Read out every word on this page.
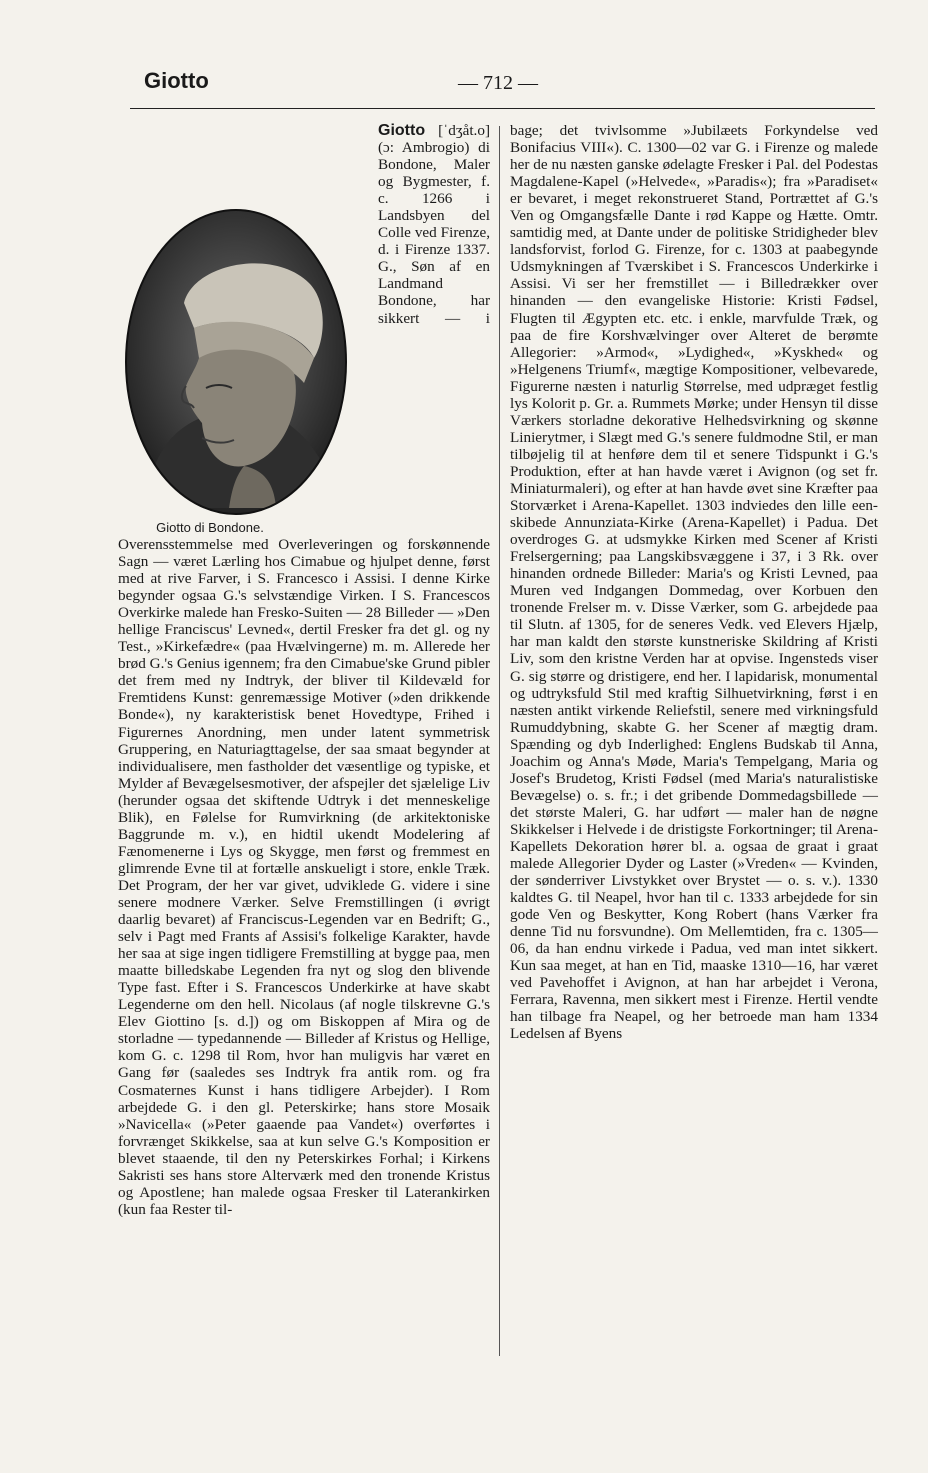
Giotto	— 712 —

Giotto
Giotto di Bondone.
[ˈdʒåt.o] (ɔ: Ambrogio) di Bondone, Maler og Bygmester, f. c. 1266 i Landsbyen del Colle ved Firenze, d. i Firenze 1337. G., Søn af en Landmand Bondone, har sikkert — i Overensstemmelse med Overleveringen og forskønnende Sagn — været Lærling hos Cimabue og hjulpet denne, først med at rive Farver, i S. Francesco i Assisi. I denne Kirke begynder ogsaa G.'s selvstændige Virken. I S. Francescos Overkirke malede han Fresko-Suiten — 28 Billeder — »Den hellige Franciscus' Levned«, dertil Fresker fra det gl. og ny Test., »Kirkefædre« (paa Hvælvingerne) m. m. Allerede her brød G.'s Genius igennem; fra den Cimabue'ske Grund pibler det frem med ny Indtryk, der bliver til Kildevæld for Fremtidens Kunst: genremæssige Motiver (»den drikkende Bonde«), ny karakteristisk benet Hovedtype, Frihed i Figurernes Anordning, men under latent symmetrisk Gruppering, en Naturiagttagelse, der saa smaat begynder at individualisere, men fastholder det væsentlige og typiske, et Mylder af Bevægelsesmotiver, der afspejler det sjælelige Liv (herunder ogsaa det skiftende Udtryk i det menneskelige Blik), en Følelse for Rumvirkning (de arkitektoniske Baggrunde m. v.), en hidtil ukendt Modelering af Fænomenerne i Lys og Skygge, men først og fremmest en glimrende Evne til at fortælle anskueligt i store, enkle Træk. Det Program, der her var givet, udviklede G. videre i sine senere modnere Værker. Selve Fremstillingen (i øvrigt daarlig bevaret) af Franciscus-Legenden var en Bedrift; G., selv i Pagt med Frants af Assisi's folkelige Karakter, havde her saa at sige ingen tidligere Fremstilling at bygge paa, men maatte billedskabe Legenden fra nyt og slog den blivende Type fast. Efter i S. Francescos Underkirke at have skabt Legenderne om den hell. Nicolaus (af nogle tilskrevne G.'s Elev Giottino [s. d.]) og om Biskoppen af Mira og de storladne — typedannende — Billeder af Kristus og Hellige, kom G. c. 1298 til Rom, hvor han muligvis har været en Gang før (saaledes ses Indtryk fra antik rom. og fra Cosmaternes Kunst i hans tidligere Arbejder). I Rom arbejdede G. i den gl. Peterskirke; hans store Mosaik »Navicella« (»Peter gaaende paa Vandet«) overførtes i forvrænget Skikkelse, saa at kun selve G.'s Komposition er blevet staaende, til den ny Peterskirkes Forhal; i Kirkens Sakristi ses hans store Alterværk med den tronende Kristus og Apostlene; han malede ogsaa Fresker til Laterankirken (kun faa Rester til-

bage; det tvivlsomme »Jubilæets Forkyndelse ved Bonifacius VIII«). C. 1300—02 var G. i Firenze og malede her de nu næsten ganske ødelagte Fresker i Pal. del Podestas Magdalene-Kapel (»Helvede«, »Paradis«); fra »Paradiset« er bevaret, i meget rekonstrueret Stand, Portrættet af G.'s Ven og Omgangsfælle Dante i rød Kappe og Hætte. Omtr. samtidig med, at Dante under de politiske Stridigheder blev landsforvist, forlod G. Firenze, for c. 1303 at paabegynde Udsmykningen af Tværskibet i S. Francescos Underkirke i Assisi. Vi ser her fremstillet — i Billedrækker over hinanden — den evangeliske Historie: Kristi Fødsel, Flugten til Ægypten etc. etc. i enkle, marvfulde Træk, og paa de fire Korshvælvinger over Alteret de berømte Allegorier: »Armod«, »Lydighed«, »Kyskhed« og »Helgenens Triumf«, mægtige Kompositioner, velbevarede, Figurerne næsten i naturlig Størrelse, med udpræget festlig lys Kolorit p. Gr. a. Rummets Mørke; under Hensyn til disse Værkers storladne dekorative Helhedsvirkning og skønne Linierytmer, i Slægt med G.'s senere fuldmodne Stil, er man tilbøjelig til at henføre dem til et senere Tidspunkt i G.'s Produktion, efter at han havde været i Avignon (og set fr. Miniaturmaleri), og efter at han havde øvet sine Kræfter paa Storværket i Arena-Kapellet. 1303 indviedes den lille een-skibede Annunziata-Kirke (Arena-Kapellet) i Padua. Det overdroges G. at udsmykke Kirken med Scener af Kristi Frelsergerning; paa Langskibsvæggene i 37, i 3 Rk. over hinanden ordnede Billeder: Maria's og Kristi Levned, paa Muren ved Indgangen Dommedag, over Korbuen den tronende Frelser m. v. Disse Værker, som G. arbejdede paa til Slutn. af 1305, for de seneres Vedk. ved Elevers Hjælp, har man kaldt den største kunstneriske Skildring af Kristi Liv, som den kristne Verden har at opvise. Ingensteds viser G. sig større og dristigere, end her. I lapidarisk, monumental og udtryksfuld Stil med kraftig Silhuetvirkning, først i en næsten antikt virkende Reliefstil, senere med virkningsfuld Rumuddybning, skabte G. her Scener af mægtig dram. Spænding og dyb Inderlighed: Englens Budskab til Anna, Joachim og Anna's Møde, Maria's Tempelgang, Maria og Josef's Brudetog, Kristi Fødsel (med Maria's naturalistiske Bevægelse) o. s. fr.; i det gribende Dommedagsbillede — det største Maleri, G. har udført — maler han de nøgne Skikkelser i Helvede i de dristigste Forkortninger; til Arena-Kapellets Dekoration hører bl. a. ogsaa de graat i graat malede Allegorier Dyder og Laster (»Vreden« — Kvinden, der sønderriver Livstykket over Brystet — o. s. v.). 1330 kaldtes G. til Neapel, hvor han til c. 1333 arbejdede for sin gode Ven og Beskytter, Kong Robert (hans Værker fra denne Tid nu forsvundne). Om Mellemtiden, fra c. 1305—06, da han endnu virkede i Padua, ved man intet sikkert. Kun saa meget, at han en Tid, maaske 1310—16, har været ved Pavehoffet i Avignon, at han har arbejdet i Verona, Ferrara, Ravenna, men sikkert mest i Firenze. Hertil vendte han tilbage fra Neapel, og her betroede man ham 1334 Ledelsen af Byens
